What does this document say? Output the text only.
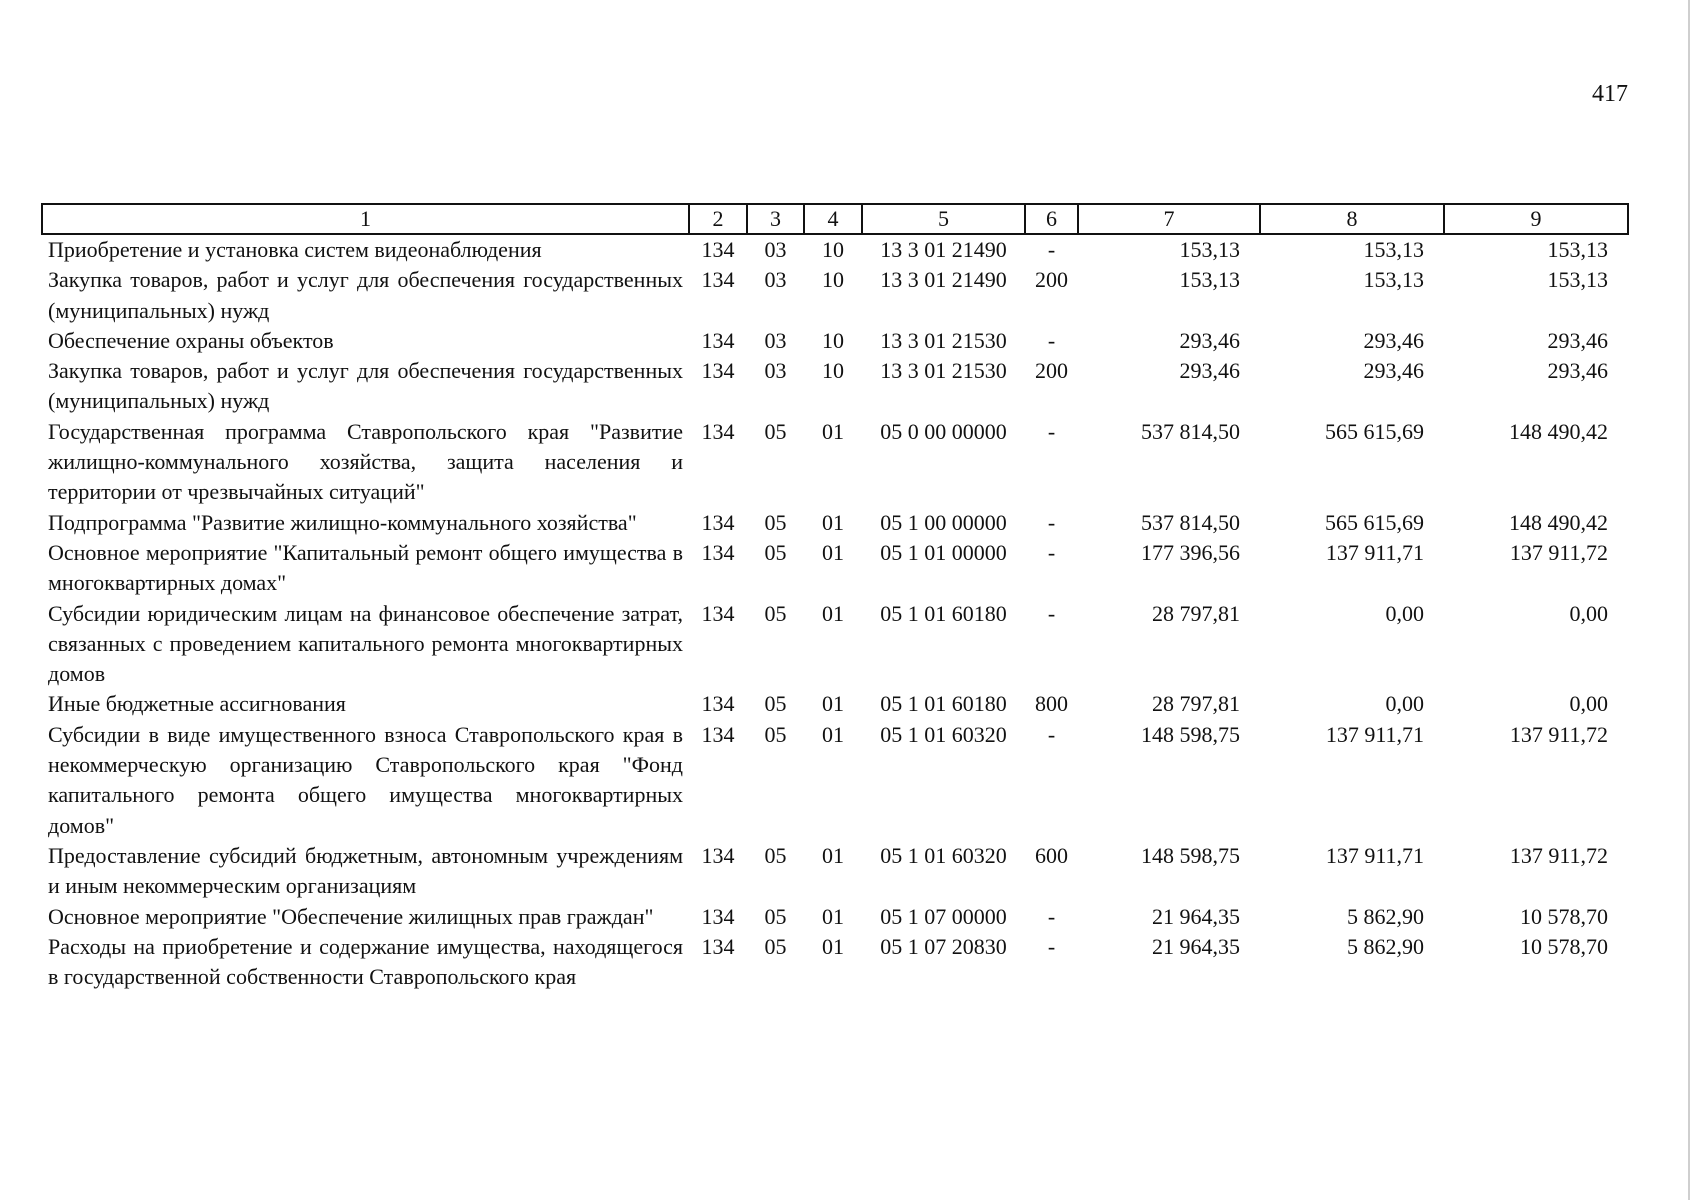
417
1	2	3	4	5	6	7	8	9
Приобретение и установка систем видеонаблюдения	134	03	10	13 3 01 21490	-	153,13	153,13	153,13
Закупка товаров, работ и услуг для обеспечения государственных (муниципальных) нужд	134	03	10	13 3 01 21490	200	153,13	153,13	153,13
Обеспечение охраны объектов	134	03	10	13 3 01 21530	-	293,46	293,46	293,46
Закупка товаров, работ и услуг для обеспечения государственных (муниципальных) нужд	134	03	10	13 3 01 21530	200	293,46	293,46	293,46
Государственная программа Ставропольского края "Развитие жилищно-коммунального хозяйства, защита населения и территории от чрезвычайных ситуаций"	134	05	01	05 0 00 00000	-	537 814,50	565 615,69	148 490,42
Подпрограмма "Развитие жилищно-коммунального хозяйства"	134	05	01	05 1 00 00000	-	537 814,50	565 615,69	148 490,42
Основное мероприятие "Капитальный ремонт общего имущества в многоквартирных домах"	134	05	01	05 1 01 00000	-	177 396,56	137 911,71	137 911,72
Субсидии юридическим лицам на финансовое обеспечение затрат, связанных с проведением капитального ремонта многоквартирных домов	134	05	01	05 1 01 60180	-	28 797,81	0,00	0,00
Иные бюджетные ассигнования	134	05	01	05 1 01 60180	800	28 797,81	0,00	0,00
Субсидии в виде имущественного взноса Ставропольского края в некоммерческую организацию Ставропольского края "Фонд капитального ремонта общего имущества многоквартирных домов"	134	05	01	05 1 01 60320	-	148 598,75	137 911,71	137 911,72
Предоставление субсидий бюджетным, автономным учреждениям и иным некоммерческим организациям	134	05	01	05 1 01 60320	600	148 598,75	137 911,71	137 911,72
Основное мероприятие "Обеспечение жилищных прав граждан"	134	05	01	05 1 07 00000	-	21 964,35	5 862,90	10 578,70
Расходы на приобретение и содержание имущества, находящегося в государственной собственности Ставропольского края	134	05	01	05 1 07 20830	-	21 964,35	5 862,90	10 578,70
